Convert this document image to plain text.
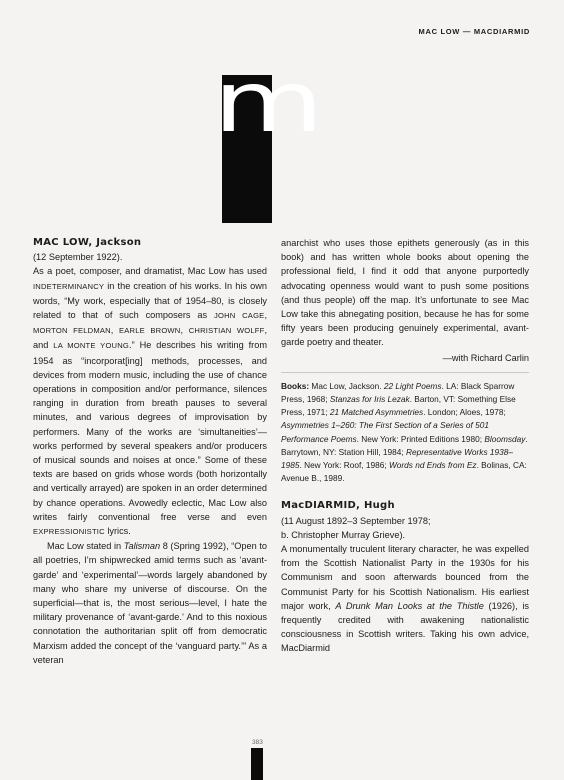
MAC LOW — MACDIARMID
m

MAC LOW, Jackson

(12 September 1922).

As a poet, composer, and dramatist, Mac Low has used INDETERMINANCY in the creation of his works. In his own words, “My work, especially that of 1954–80, is closely related to that of such composers as JOHN CAGE, MORTON FELDMAN, EARLE BROWN, CHRISTIAN WOLFF, and LA MONTE YOUNG.” He describes his writing from 1954 as “incorporat[ing] methods, processes, and devices from modern music, including the use of chance operations in composition and/or performance, silences ranging in duration from breath pauses to several minutes, and various degrees of improvisation by performers. Many of the works are ‘simultaneities’—works performed by several speakers and/or producers of musical sounds and noises at once.” Some of these texts are based on grids whose words (both horizontally and vertically arrayed) are spoken in an order determined by chance operations. Avowedly eclectic, Mac Low also writes fairly conventional free verse and even EXPRESSIONISTIC lyrics.

Mac Low stated in Talisman 8 (Spring 1992), “Open to all poetries, I’m shipwrecked amid terms such as ‘avant-garde’ and ‘experimental’—words largely abandoned by many who share my universe of discourse. On the superficial—that is, the most serious—level, I hate the military provenance of ‘avant-garde.’ And to this noxious connotation the authoritarian split off from democratic Marxism added the concept of the ‘vanguard party.’” As a veteran

anarchist who uses those epithets generously (as in this book) and has written whole books about opening the professional field, I find it odd that anyone purportedly advocating openness would want to push some positions (and thus people) off the map. It’s unfortunate to see Mac Low take this abnegating position, because he has for some fifty years been producing genuinely experimental, avant-garde poetry and theater.

—with Richard Carlin

Books: Mac Low, Jackson. 22 Light Poems. LA: Black Sparrow Press, 1968; Stanzas for Iris Lezak. Barton, VT: Something Else Press, 1971; 21 Matched Asymmetries. London; Aloes, 1978; Asymmetries 1–260: The First Section of a Series of 501 Performance Poems. New York: Printed Editions 1980; Bloomsday. Barrytown, NY: Station Hill, 1984; Representative Works 1938–1985. New York: Roof, 1986; Words nd Ends from Ez. Bolinas, CA: Avenue B., 1989.

MacDIARMID, Hugh

(11 August 1892–3 September 1978;

b. Christopher Murray Grieve).

A monumentally truculent literary character, he was expelled from the Scottish Nationalist Party in the 1930s for his Communism and soon afterwards bounced from the Communist Party for his Scottish Nationalism. His earliest major work, A Drunk Man Looks at the Thistle (1926), is frequently credited with awakening nationalistic consciousness in Scottish writers. Taking his own advice, MacDiarmid

383
